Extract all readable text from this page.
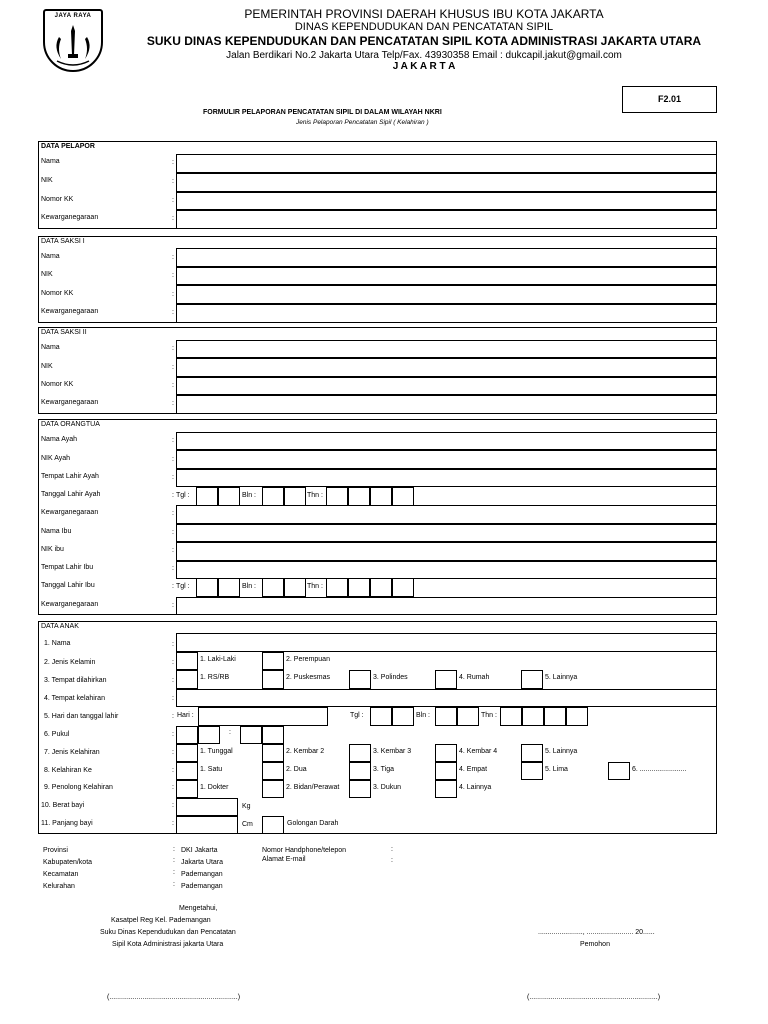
JAYA RAYA	PEMERINTAH PROVINSI DAERAH KHUSUS IBU KOTA JAKARTA
DINAS KEPENDUDUKAN DAN PENCATATAN SIPIL
SUKU DINAS KEPENDUDUKAN DAN PENCATATAN SIPIL KOTA ADMINISTRASI JAKARTA UTARA
Jalan Berdikari No.2 Jakarta Utara Telp/Fax. 43930358 Email : dukcapil.jakut@gmail.com
J A K A R T A
F2.01
FORMULIR PELAPORAN PENCATATAN SIPIL DI DALAM WILAYAH NKRI
Jenis Pelaporan Pencatatan Sipil ( Kelahiran )
DATA PELAPOR
Nama	:
NIK	:
Nomor KK	:
Kewarganegaraan	:
DATA SAKSI I
Nama	:
NIK	:
Nomor KK	:
Kewarganegaraan	:
DATA SAKSI II
Nama	:
NIK	:
Nomor KK	:
Kewarganegaraan	:
DATA ORANGTUA
Nama Ayah	:
NIK Ayah	:
Tempat Lahir Ayah	:
Tanggal Lahir Ayah	: Tgl :	Bln :	Thn :
Kewarganegaraan	:
Nama Ibu	:
NIK ibu	:
Tempat Lahir Ibu	:
Tanggal Lahir Ibu	: Tgl :	Bln :	Thn :
Kewarganegaraan	:
DATA ANAK
1. Nama	:
2. Jenis Kelamin	:	1. Laki-Laki	2. Perempuan
3. Tempat dilahirkan	:	1. RS/RB	2. Puskesmas	3. Polindes	4. Rumah	5. Lainnya
4. Tempat kelahiran	:
5. Hari dan tanggal lahir	: Hari :	Tgl :	Bln :	Thn :
6. Pukul	:	:
7. Jenis Kelahiran	:	1. Tunggal	2. Kembar 2	3. Kembar 3	4. Kembar 4	5. Lainnya
8. Kelahiran Ke	:	1. Satu	2. Dua	3. Tiga	4. Empat	5. Lima	6. ........................
9. Penolong Kelahiran	:	1. Dokter	2. Bidan/Perawat	3. Dukun	4. Lainnya
10. Berat bayi	:	Kg
11. Panjang bayi	:	Cm	Golongan Darah
Provinsi	: DKI Jakarta
Kabupaten/kota	: Jakarta Utara
Kecamatan	: Pademangan
Kelurahan	: Pademangan
Nomor Handphone/telepon	:
Alamat E-mail	:
Mengetahui,
Kasatpel Reg Kel. Pademangan
Suku Dinas Kependudukan dan Pencatatan
Sipil Kota Administrasi jakarta Utara
......................., ........................ 20......
Pemohon
(..................................................................)	(..................................................................)
